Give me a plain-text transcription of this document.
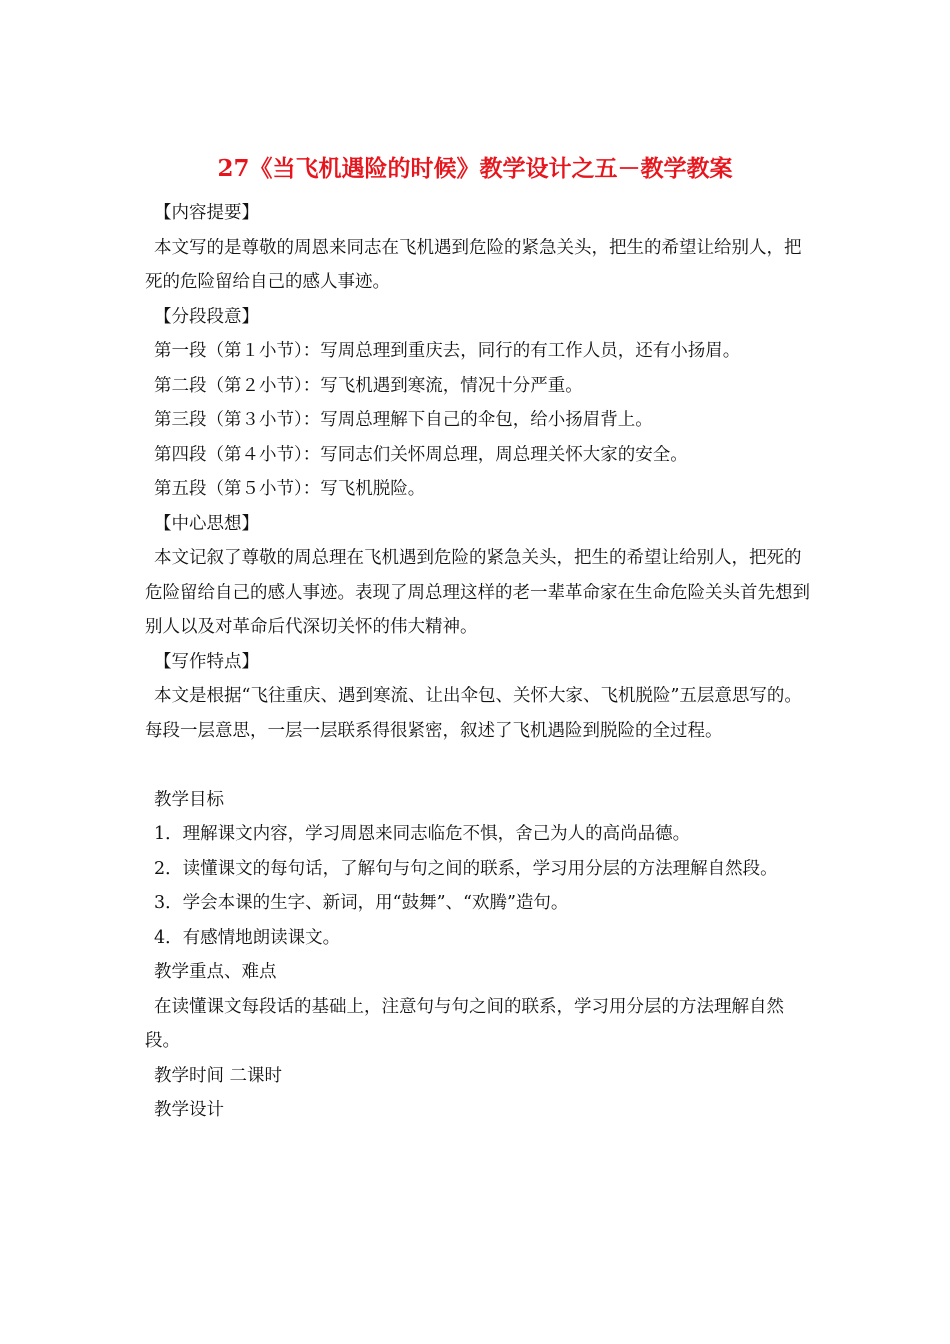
27《当飞机遇险的时候》教学设计之五－教学教案

【内容提要】

本文写的是尊敬的周恩来同志在飞机遇到危险的紧急关头，把生的希望让给别人，把死的危险留给自己的感人事迹。

【分段段意】

第一段（第１小节）：写周总理到重庆去，同行的有工作人员，还有小扬眉。

第二段（第２小节）：写飞机遇到寒流，情况十分严重。

第三段（第３小节）：写周总理解下自己的伞包，给小扬眉背上。

第四段（第４小节）：写同志们关怀周总理，周总理关怀大家的安全。

第五段（第５小节）：写飞机脱险。

【中心思想】

本文记叙了尊敬的周总理在飞机遇到危险的紧急关头，把生的希望让给别人，把死的危险留给自己的感人事迹。表现了周总理这样的老一辈革命家在生命危险关头首先想到别人以及对革命后代深切关怀的伟大精神。

【写作特点】

本文是根据“飞往重庆、遇到寒流、让出伞包、关怀大家、飞机脱险”五层意思写的。每段一层意思，一层一层联系得很紧密，叙述了飞机遇险到脱险的全过程。

教学目标

1．理解课文内容，学习周恩来同志临危不惧，舍己为人的高尚品德。

2．读懂课文的每句话，了解句与句之间的联系，学习用分层的方法理解自然段。

3．学会本课的生字、新词，用“鼓舞”、“欢腾”造句。

4．有感情地朗读课文。

教学重点、难点

在读懂课文每段话的基础上，注意句与句之间的联系，学习用分层的方法理解自然段。

教学时间 二课时

教学设计
